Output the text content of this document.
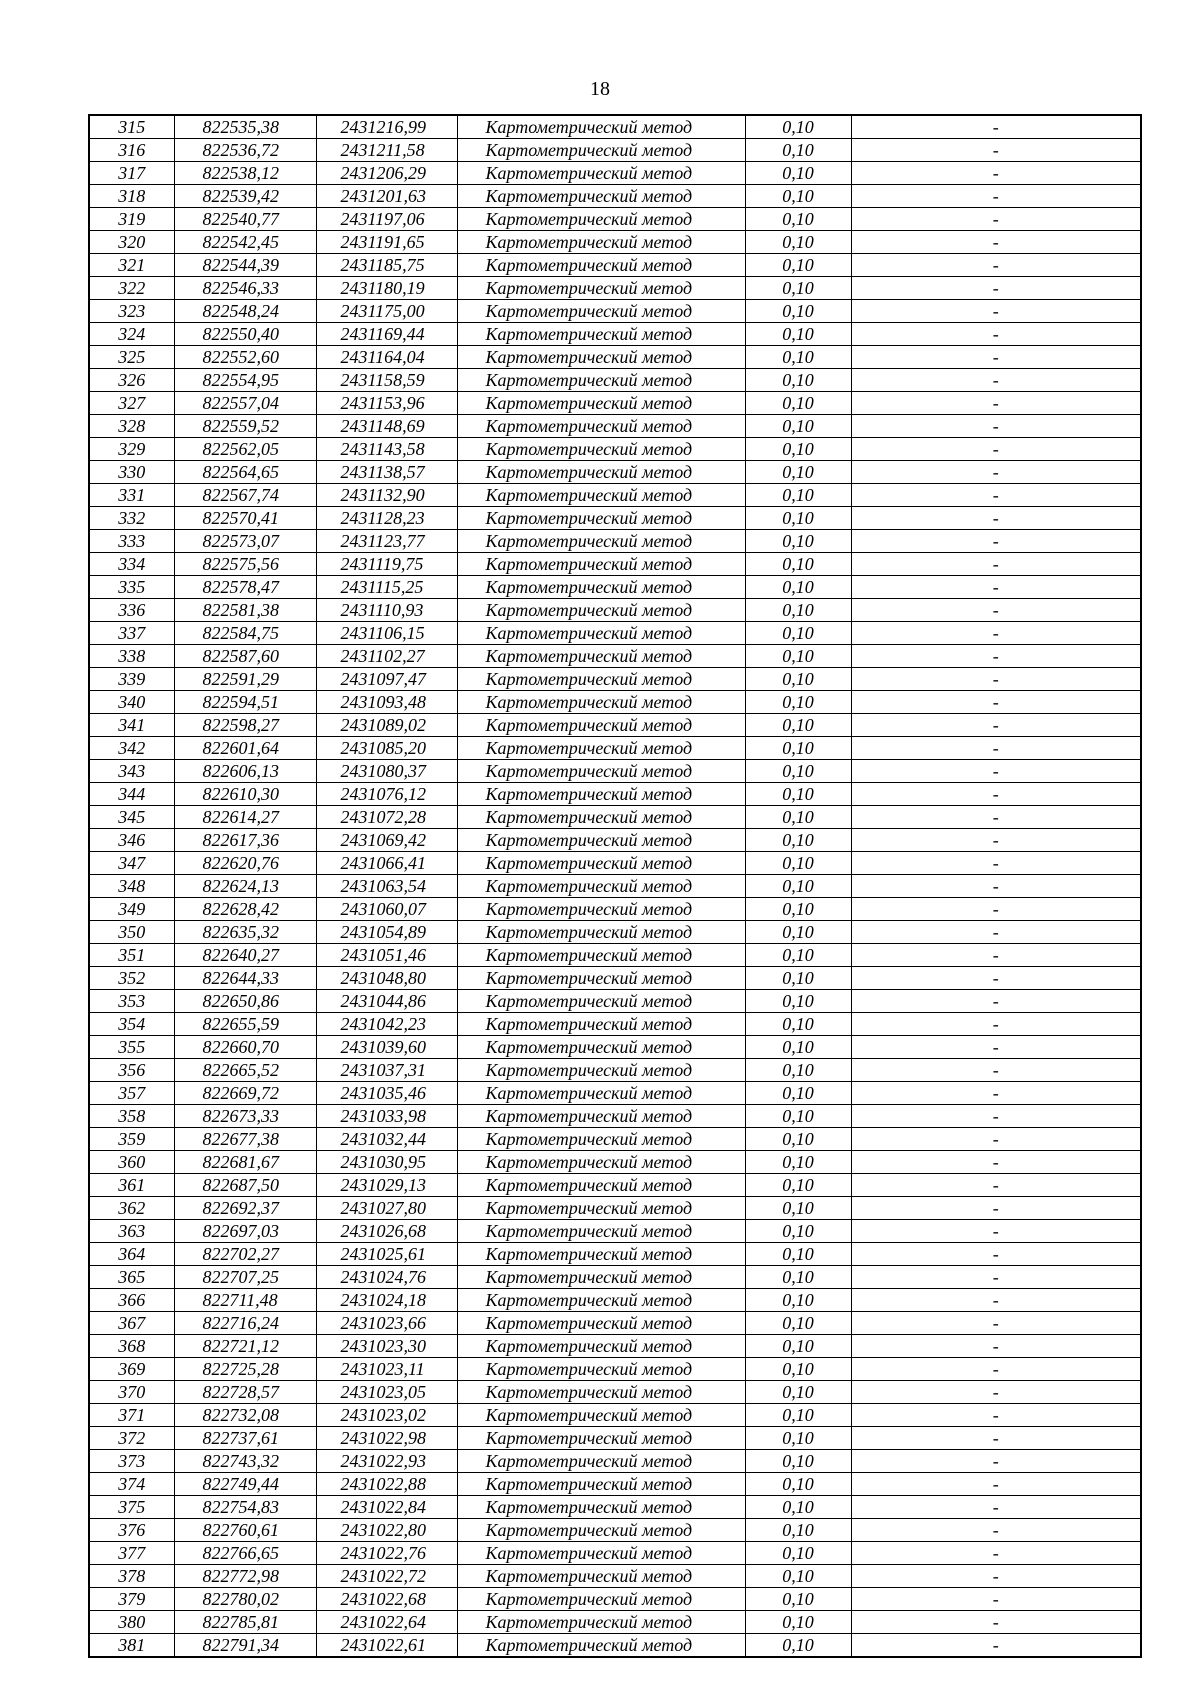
18
315	822535,38	2431216,99	Картометрический метод	0,10	-
316	822536,72	2431211,58	Картометрический метод	0,10	-
317	822538,12	2431206,29	Картометрический метод	0,10	-
318	822539,42	2431201,63	Картометрический метод	0,10	-
319	822540,77	2431197,06	Картометрический метод	0,10	-
320	822542,45	2431191,65	Картометрический метод	0,10	-
321	822544,39	2431185,75	Картометрический метод	0,10	-
322	822546,33	2431180,19	Картометрический метод	0,10	-
323	822548,24	2431175,00	Картометрический метод	0,10	-
324	822550,40	2431169,44	Картометрический метод	0,10	-
325	822552,60	2431164,04	Картометрический метод	0,10	-
326	822554,95	2431158,59	Картометрический метод	0,10	-
327	822557,04	2431153,96	Картометрический метод	0,10	-
328	822559,52	2431148,69	Картометрический метод	0,10	-
329	822562,05	2431143,58	Картометрический метод	0,10	-
330	822564,65	2431138,57	Картометрический метод	0,10	-
331	822567,74	2431132,90	Картометрический метод	0,10	-
332	822570,41	2431128,23	Картометрический метод	0,10	-
333	822573,07	2431123,77	Картометрический метод	0,10	-
334	822575,56	2431119,75	Картометрический метод	0,10	-
335	822578,47	2431115,25	Картометрический метод	0,10	-
336	822581,38	2431110,93	Картометрический метод	0,10	-
337	822584,75	2431106,15	Картометрический метод	0,10	-
338	822587,60	2431102,27	Картометрический метод	0,10	-
339	822591,29	2431097,47	Картометрический метод	0,10	-
340	822594,51	2431093,48	Картометрический метод	0,10	-
341	822598,27	2431089,02	Картометрический метод	0,10	-
342	822601,64	2431085,20	Картометрический метод	0,10	-
343	822606,13	2431080,37	Картометрический метод	0,10	-
344	822610,30	2431076,12	Картометрический метод	0,10	-
345	822614,27	2431072,28	Картометрический метод	0,10	-
346	822617,36	2431069,42	Картометрический метод	0,10	-
347	822620,76	2431066,41	Картометрический метод	0,10	-
348	822624,13	2431063,54	Картометрический метод	0,10	-
349	822628,42	2431060,07	Картометрический метод	0,10	-
350	822635,32	2431054,89	Картометрический метод	0,10	-
351	822640,27	2431051,46	Картометрический метод	0,10	-
352	822644,33	2431048,80	Картометрический метод	0,10	-
353	822650,86	2431044,86	Картометрический метод	0,10	-
354	822655,59	2431042,23	Картометрический метод	0,10	-
355	822660,70	2431039,60	Картометрический метод	0,10	-
356	822665,52	2431037,31	Картометрический метод	0,10	-
357	822669,72	2431035,46	Картометрический метод	0,10	-
358	822673,33	2431033,98	Картометрический метод	0,10	-
359	822677,38	2431032,44	Картометрический метод	0,10	-
360	822681,67	2431030,95	Картометрический метод	0,10	-
361	822687,50	2431029,13	Картометрический метод	0,10	-
362	822692,37	2431027,80	Картометрический метод	0,10	-
363	822697,03	2431026,68	Картометрический метод	0,10	-
364	822702,27	2431025,61	Картометрический метод	0,10	-
365	822707,25	2431024,76	Картометрический метод	0,10	-
366	822711,48	2431024,18	Картометрический метод	0,10	-
367	822716,24	2431023,66	Картометрический метод	0,10	-
368	822721,12	2431023,30	Картометрический метод	0,10	-
369	822725,28	2431023,11	Картометрический метод	0,10	-
370	822728,57	2431023,05	Картометрический метод	0,10	-
371	822732,08	2431023,02	Картометрический метод	0,10	-
372	822737,61	2431022,98	Картометрический метод	0,10	-
373	822743,32	2431022,93	Картометрический метод	0,10	-
374	822749,44	2431022,88	Картометрический метод	0,10	-
375	822754,83	2431022,84	Картометрический метод	0,10	-
376	822760,61	2431022,80	Картометрический метод	0,10	-
377	822766,65	2431022,76	Картометрический метод	0,10	-
378	822772,98	2431022,72	Картометрический метод	0,10	-
379	822780,02	2431022,68	Картометрический метод	0,10	-
380	822785,81	2431022,64	Картометрический метод	0,10	-
381	822791,34	2431022,61	Картометрический метод	0,10	-
